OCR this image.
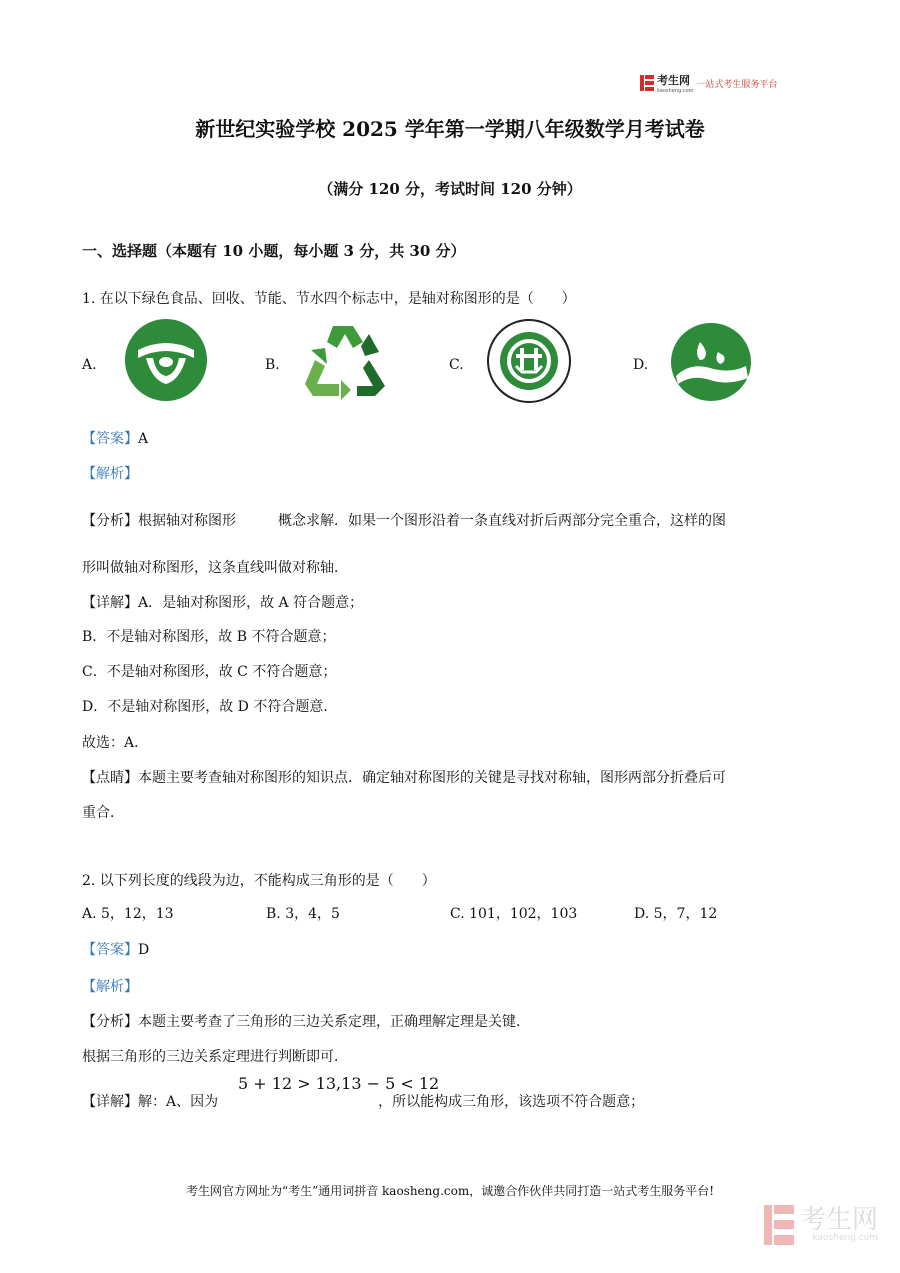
考生网
kaosheng.com
一站式考生服务平台
新世纪实验学校 2025 学年第一学期八年级数学月考试卷
（满分 120 分，考试时间 120 分钟）
一、选择题（本题有 10 小题，每小题 3 分，共 30 分）
1. 在以下绿色食品、回收、节能、节水四个标志中，是轴对称图形的是（　　）
A.	B.	C.	D.
【答案】A
【解析】
【分析】根据轴对称图形　　　概念求解．如果一个图形沿着一条直线对折后两部分完全重合，这样的图
形叫做轴对称图形，这条直线叫做对称轴．
【详解】A．是轴对称图形，故 A 符合题意；
B．不是轴对称图形，故 B 不符合题意；
C．不是轴对称图形，故 C 不符合题意；
D．不是轴对称图形，故 D 不符合题意．
故选：A．
【点睛】本题主要考查轴对称图形的知识点．确定轴对称图形的关键是寻找对称轴，图形两部分折叠后可
重合．
2. 以下列长度的线段为边，不能构成三角形的是（　　）
A. 5，12，13	B. 3，4，5	C. 101，102，103	D. 5，7，12
【答案】D
【解析】
【分析】本题主要考查了三角形的三边关系定理，正确理解定理是关键．
根据三角形的三边关系定理进行判断即可．
5 + 12 > 13,13 − 5 < 12
【详解】解：A、因为	，所以能构成三角形，该选项不符合题意；
考生网官方网址为“考生”通用词拼音 kaosheng.com，诚邀合作伙伴共同打造一站式考生服务平台!
考生网
kaosheng.com
